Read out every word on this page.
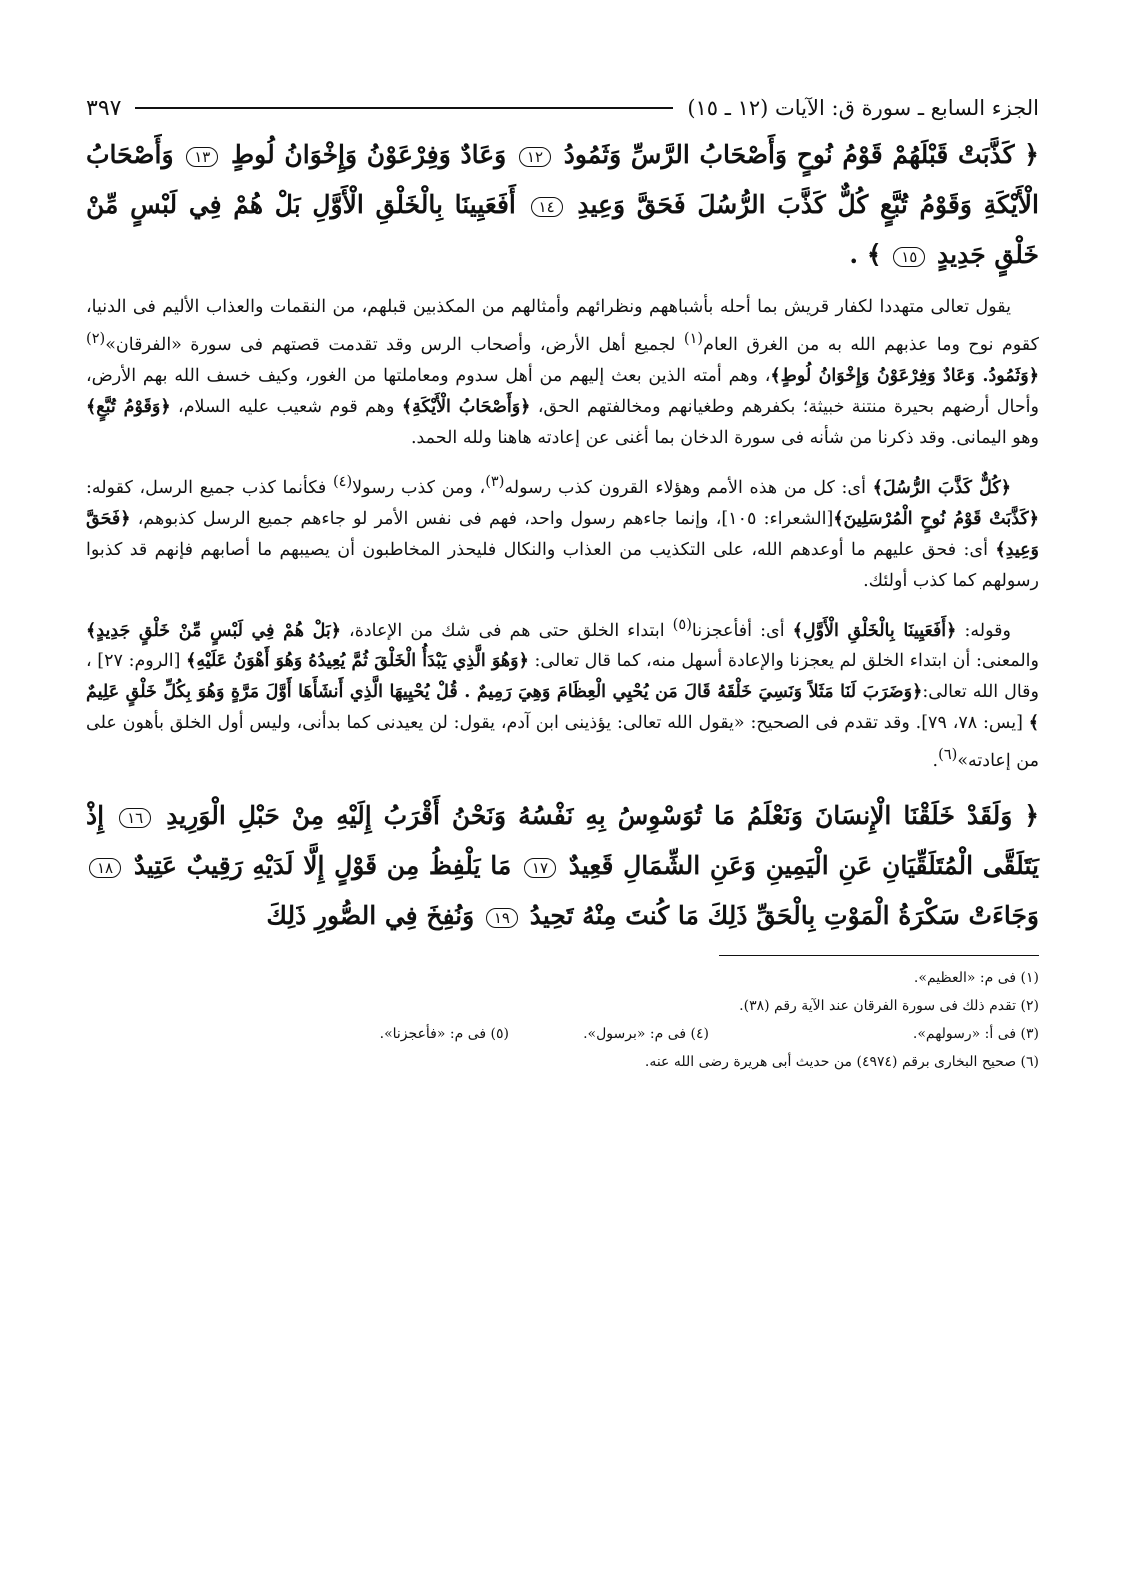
الجزء السابع ـ سورة ق: الآيات (١٢ ـ ١٥)
٣٩٧
﴿ كَذَّبَتْ قَبْلَهُمْ قَوْمُ نُوحٍ وَأَصْحَابُ الرَّسِّ وَثَمُودُ ١٢ وَعَادٌ وَفِرْعَوْنُ وَإِخْوَانُ لُوطٍ ١٣ وَأَصْحَابُ الْأَيْكَةِ وَقَوْمُ تُبَّعٍ كُلٌّ كَذَّبَ الرُّسُلَ فَحَقَّ وَعِيدِ ١٤ أَفَعَيِينَا بِالْخَلْقِ الْأَوَّلِ بَلْ هُمْ فِي لَبْسٍ مِّنْ خَلْقٍ جَدِيدٍ ١٥ ﴾ .

يقول تعالى متهددا لكفار قريش بما أحله بأشباههم ونظرائهم وأمثالهم من المكذبين قبلهم، من النقمات والعذاب الأليم فى الدنيا، كقوم نوح وما عذبهم الله به من الغرق العام$^{(١)}$ لجميع أهل الأرض، وأصحاب الرس وقد تقدمت قصتهم فى سورة «الفرقان»$^{(٢)}$ ﴿وَثَمُودُ. وَعَادٌ وَفِرْعَوْنُ وَإِخْوَانُ لُوطٍ﴾، وهم أمته الذين بعث إليهم من أهل سدوم ومعاملتها من الغور، وكيف خسف الله بهم الأرض، وأحال أرضهم بحيرة منتنة خبيثة؛ بكفرهم وطغيانهم ومخالفتهم الحق، ﴿وَأَصْحَابُ الْأَيْكَةِ﴾ وهم قوم شعيب عليه السلام، ﴿وَقَوْمُ تُبَّعٍ﴾ وهو اليمانى. وقد ذكرنا من شأنه فى سورة الدخان بما أغنى عن إعادته هاهنا ولله الحمد.

﴿كُلٌّ كَذَّبَ الرُّسُلَ﴾ أى: كل من هذه الأمم وهؤلاء القرون كذب رسوله$^{(٣)}$، ومن كذب رسولا$^{(٤)}$ فكأنما كذب جميع الرسل، كقوله: ﴿كَذَّبَتْ قَوْمُ نُوحٍ الْمُرْسَلِينَ﴾[الشعراء: ١٠٥]، وإنما جاءهم رسول واحد، فهم فى نفس الأمر لو جاءهم جميع الرسل كذبوهم، ﴿فَحَقَّ وَعِيدِ﴾ أى: فحق عليهم ما أوعدهم الله، على التكذيب من العذاب والنكال فليحذر المخاطبون أن يصيبهم ما أصابهم فإنهم قد كذبوا رسولهم كما كذب أولئك.

وقوله: ﴿أَفَعَيِينَا بِالْخَلْقِ الْأَوَّلِ﴾ أى: أفأعجزنا$^{(٥)}$ ابتداء الخلق حتى هم فى شك من الإعادة، ﴿بَلْ هُمْ فِي لَبْسٍ مِّنْ خَلْقٍ جَدِيدٍ﴾ والمعنى: أن ابتداء الخلق لم يعجزنا والإعادة أسهل منه، كما قال تعالى: ﴿وَهُوَ الَّذِي يَبْدَأُ الْخَلْقَ ثُمَّ يُعِيدُهُ وَهُوَ أَهْوَنُ عَلَيْهِ﴾ [الروم: ٢٧] ، وقال الله تعالى:﴿وَضَرَبَ لَنَا مَثَلاً وَنَسِيَ خَلْقَهُ قَالَ مَن يُحْيِي الْعِظَامَ وَهِيَ رَمِيمٌ . قُلْ يُحْيِيهَا الَّذِي أَنشَأَهَا أَوَّلَ مَرَّةٍ وَهُوَ بِكُلِّ خَلْقٍ عَلِيمٌ ﴾ [يس: ٧٨، ٧٩]. وقد تقدم فى الصحيح: «يقول الله تعالى: يؤذينى ابن آدم، يقول: لن يعيدنى كما بدأنى، وليس أول الخلق بأهون على من إعادته»$^{(٦)}$.

﴿ وَلَقَدْ خَلَقْنَا الْإِنسَانَ وَنَعْلَمُ مَا تُوَسْوِسُ بِهِ نَفْسُهُ وَنَحْنُ أَقْرَبُ إِلَيْهِ مِنْ حَبْلِ الْوَرِيدِ ١٦ إِذْ يَتَلَقَّى الْمُتَلَقِّيَانِ عَنِ الْيَمِينِ وَعَنِ الشِّمَالِ قَعِيدٌ ١٧ مَا يَلْفِظُ مِن قَوْلٍ إِلَّا لَدَيْهِ رَقِيبٌ عَتِيدٌ ١٨ وَجَاءَتْ سَكْرَةُ الْمَوْتِ بِالْحَقِّ ذَلِكَ مَا كُنتَ مِنْهُ تَحِيدُ ١٩ وَنُفِخَ فِي الصُّورِ ذَلِكَ
(١) فى م: «العظيم».
(٢) تقدم ذلك فى سورة الفرقان عند الآية رقم (٣٨).
(٣) فى أ: «رسولهم».
(٤) فى م: «برسول».
(٥) فى م: «فأعجزنا».
(٦) صحيح البخارى برقم (٤٩٧٤) من حديث أبى هريرة رضى الله عنه.
